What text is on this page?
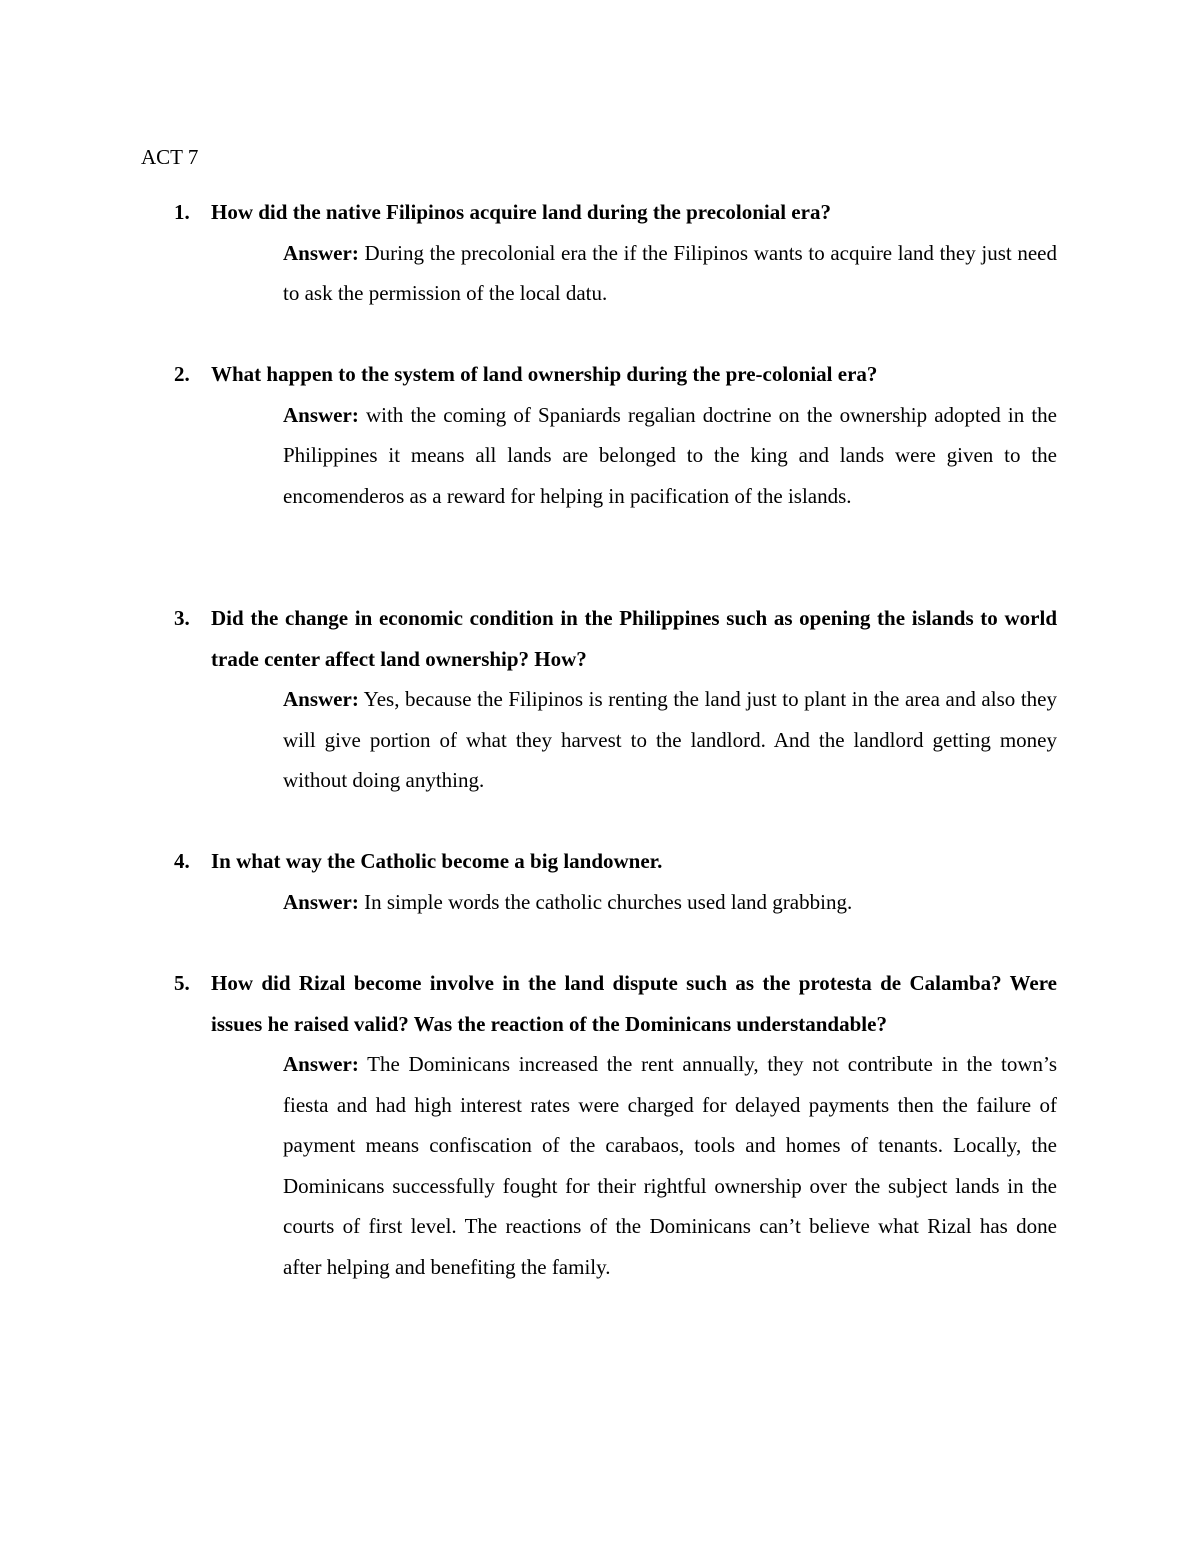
ACT 7
1. How did the native Filipinos acquire land during the precolonial era?

Answer: During the precolonial era the if the Filipinos wants to acquire land they just need to ask the permission of the local datu.

2. What happen to the system of land ownership during the pre-colonial era?

Answer: with the coming of Spaniards regalian doctrine on the ownership adopted in the Philippines it means all lands are belonged to the king and lands were given to the encomenderos as a reward for helping in pacification of the islands.

3. Did the change in economic condition in the Philippines such as opening the islands to world trade center affect land ownership? How?

Answer: Yes, because the Filipinos is renting the land just to plant in the area and also they will give portion of what they harvest to the landlord. And the landlord getting money without doing anything.

4. In what way the Catholic become a big landowner.

Answer: In simple words the catholic churches used land grabbing.

5. How did Rizal become involve in the land dispute such as the protesta de Calamba? Were issues he raised valid? Was the reaction of the Dominicans understandable?

Answer: The Dominicans increased the rent annually, they not contribute in the town’s fiesta and had high interest rates were charged for delayed payments then the failure of payment means confiscation of the carabaos, tools and homes of tenants. Locally, the Dominicans successfully fought for their rightful ownership over the subject lands in the courts of first level. The reactions of the Dominicans can’t believe what Rizal has done after helping and benefiting the family.
